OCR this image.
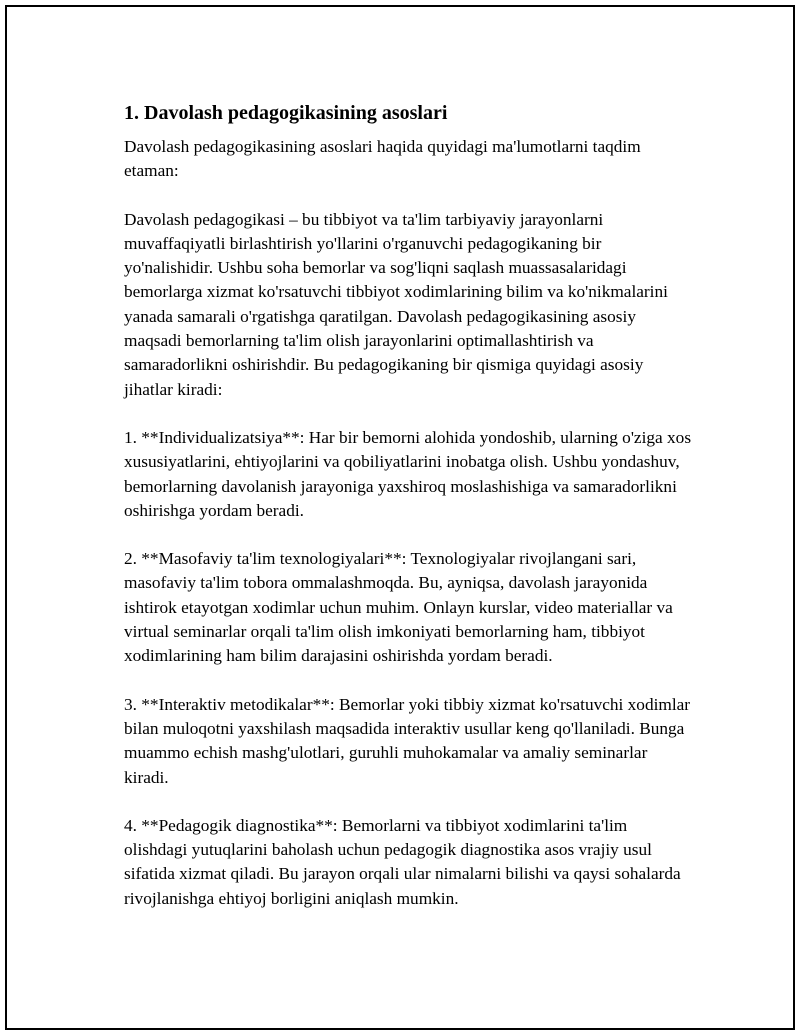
1. Davolash pedagogikasining asoslari

Davolash pedagogikasining asoslari haqida quyidagi ma'lumotlarni taqdim etaman:

Davolash pedagogikasi – bu tibbiyot va ta'lim tarbiyaviy jarayonlarni muvaffaqiyatli birlashtirish yo'llarini o'rganuvchi pedagogikaning bir yo'nalishidir. Ushbu soha bemorlar va sog'liqni saqlash muassasalaridagi bemorlarga xizmat ko'rsatuvchi tibbiyot xodimlarining bilim va ko'nikmalarini yanada samarali o'rgatishga qaratilgan. Davolash pedagogikasining asosiy maqsadi bemorlarning ta'lim olish jarayonlarini optimallashtirish va samaradorlikni oshirishdir. Bu pedagogikaning bir qismiga quyidagi asosiy jihatlar kiradi:

1. **Individualizatsiya**: Har bir bemorni alohida yondoshib, ularning o'ziga xos xususiyatlarini, ehtiyojlarini va qobiliyatlarini inobatga olish. Ushbu yondashuv, bemorlarning davolanish jarayoniga yaxshiroq moslashishiga va samaradorlikni oshirishga yordam beradi.

2. **Masofaviy ta'lim texnologiyalari**: Texnologiyalar rivojlangani sari, masofaviy ta'lim tobora ommalashmoqda. Bu, ayniqsa, davolash jarayonida ishtirok etayotgan xodimlar uchun muhim. Onlayn kurslar, video materiallar va virtual seminarlar orqali ta'lim olish imkoniyati bemorlarning ham, tibbiyot xodimlarining ham bilim darajasini oshirishda yordam beradi.

3. **Interaktiv metodikalar**: Bemorlar yoki tibbiy xizmat ko'rsatuvchi xodimlar bilan muloqotni yaxshilash maqsadida interaktiv usullar keng qo'llaniladi. Bunga muammo echish mashg'ulotlari, guruhli muhokamalar va amaliy seminarlar kiradi.

4. **Pedagogik diagnostika**: Bemorlarni va tibbiyot xodimlarini ta'lim olishdagi yutuqlarini baholash uchun pedagogik diagnostika asos vrajiy usul sifatida xizmat qiladi. Bu jarayon orqali ular nimalarni bilishi va qaysi sohalarda rivojlanishga ehtiyoj borligini aniqlash mumkin.
